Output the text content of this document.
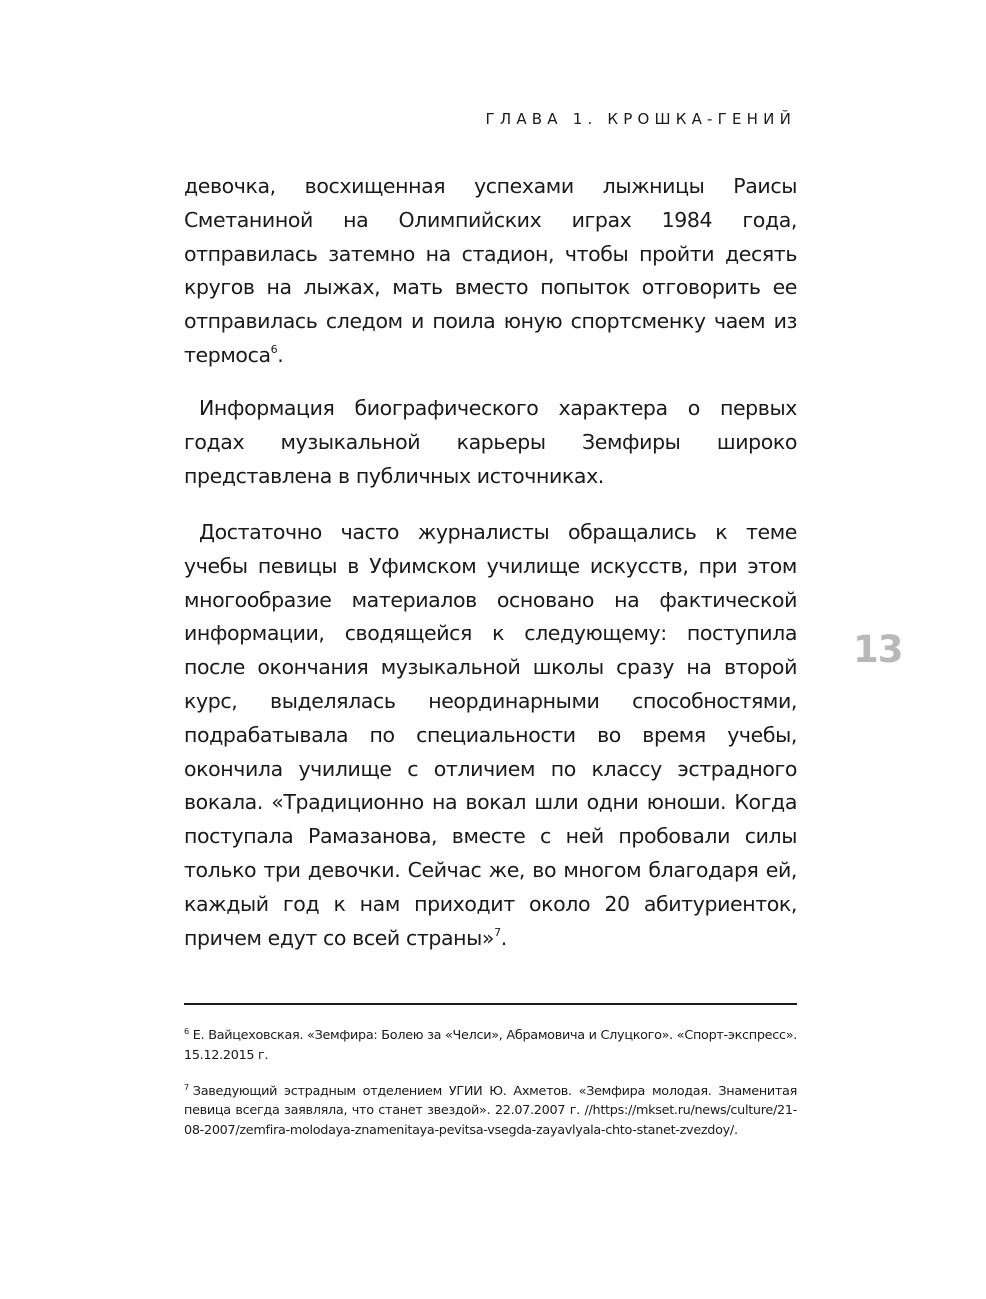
ГЛАВА 1. КРОШКА-ГЕНИЙ

девочка, восхищенная успехами лыжницы Раисы Сметаниной на Олимпийских играх 1984 года, отправилась затемно на стадион, чтобы пройти десять кругов на лыжах, мать вместо попыток отговорить ее отправилась следом и поила юную спортсменку чаем из термоса$^6$.

Информация биографического характера о первых годах музыкальной карьеры Земфиры широко представлена в публичных источниках.

Достаточно часто журналисты обращались к теме учебы певицы в Уфимском училище искусств, при этом многообразие материалов основано на фактической информации, сводящейся к следующему: поступила после окончания музыкальной школы сразу на второй курс, выделялась неординарными способностями, подрабатывала по специальности во время учебы, окончила училище с отличием по классу эстрадного вокала. «Традиционно на вокал шли одни юноши. Когда поступала Рамазанова, вместе с ней пробовали силы только три девочки. Сейчас же, во многом благодаря ей, каждый год к нам приходит около 20 абитуриенток, причем едут со всей страны»$^7$.

13

$^6$ Е. Вайцеховская. «Земфира: Болею за «Челси», Абрамовича и Слуцкого». «Спорт-экспресс». 15.12.2015 г.

$^7$ Заведующий эстрадным отделением УГИИ Ю. Ахметов. «Земфира молодая. Знаменитая певица всегда заявляла, что станет звездой». 22.07.2007 г. //https://mkset.ru/news/culture/21-08-2007/zemfira-molodaya-znamenitaya-pevitsa-vsegda-zayavlyala-chto-stanet-zvezdoy/.
